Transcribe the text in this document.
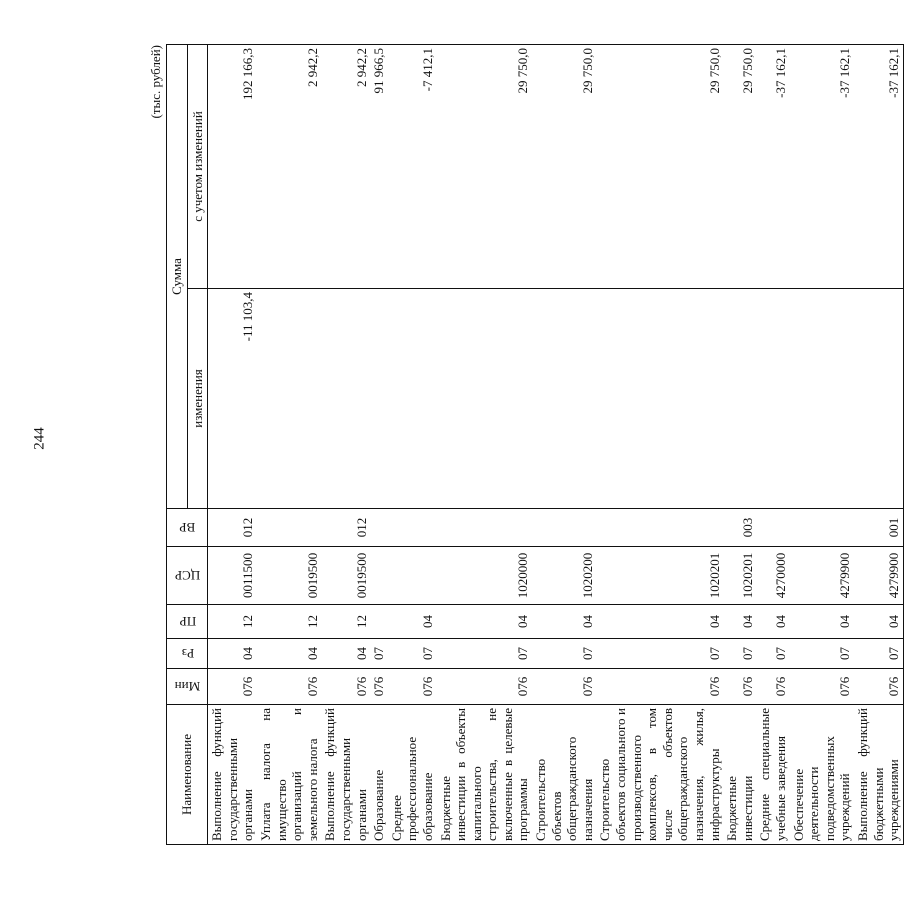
244
(тыс. рублей)
Наименование	Мин	Рз	ПР	ЦСР	ВР	Сумма	
						изменения	с учетом изменений
Выполнение функций государственными органами	076	04	12	0011500	012	-11 103,4	192 166,3
Уплата налога на имущество организаций и земельного налога	076	04	12	0019500			2 942,2
Выполнение функций государственными органами	076	04	12	0019500	012		2 942,2
Образование	076	07					91 966,5
Среднее профессиональное образование	076	07	04				-7 412,1
Бюджетные инвестиции в объекты капитального строительства, не включенные в целевые программы	076	07	04	1020000			29 750,0
Строительство объектов общегражданского назначения	076	07	04	1020200			29 750,0
Строительство объектов социального и производственного комплексов, в том числе объектов общегражданского назначения, жилья, инфраструктуры	076	07	04	1020201			29 750,0
Бюджетные инвестиции	076	07	04	1020201	003		29 750,0
Средние специальные учебные заведения	076	07	04	4270000			-37 162,1
Обеспечение деятельности подведомственных учреждений	076	07	04	4279900			-37 162,1
Выполнение функций бюджетными учреждениями	076	07	04	4279900	001		-37 162,1
